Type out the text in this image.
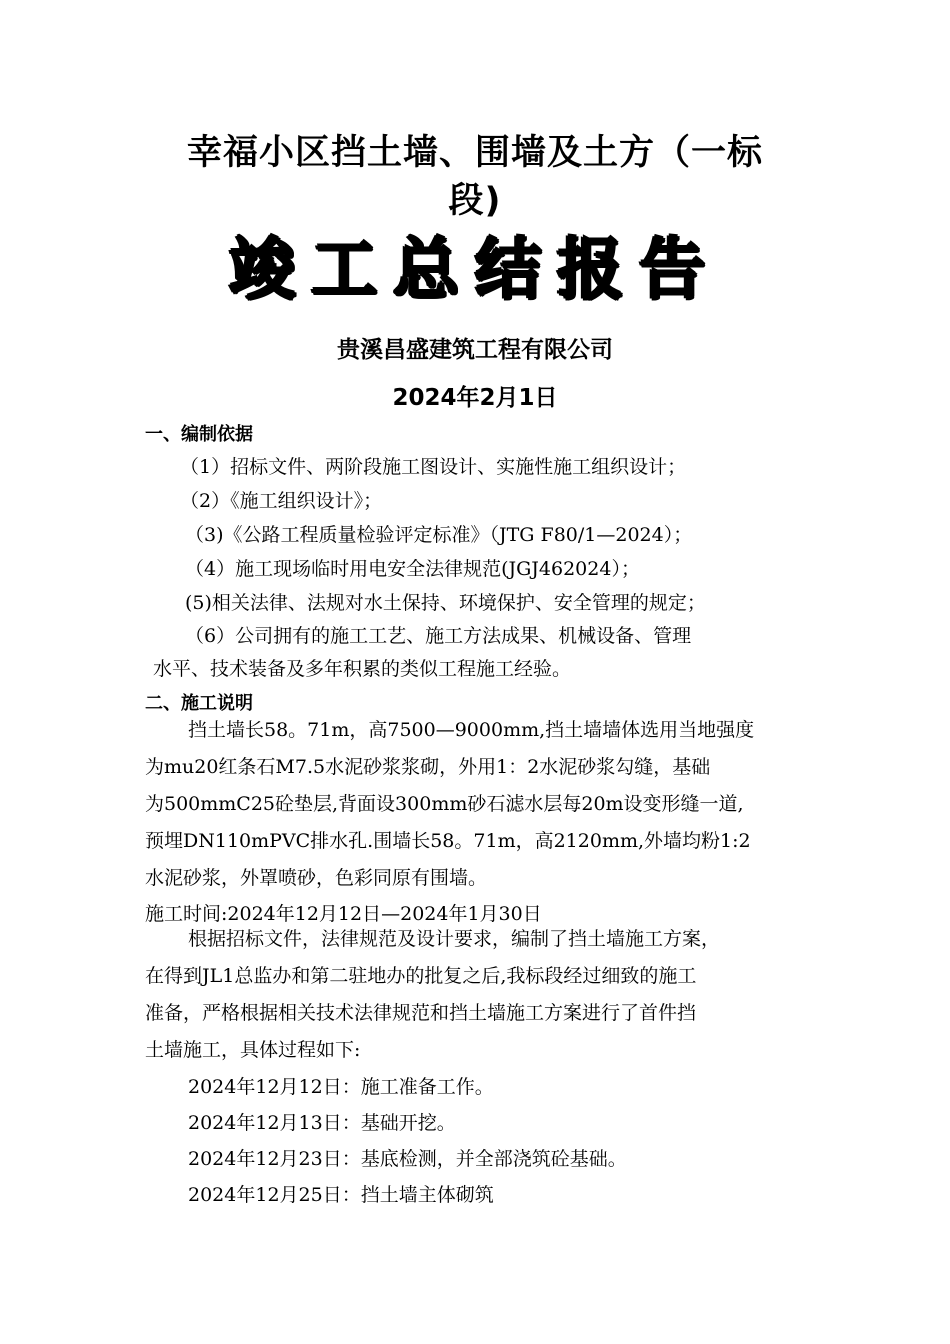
幸福小区挡土墙、围墙及土方（一标
段)
竣工总结报告
贵溪昌盛建筑工程有限公司
2024年2月1日
一、编制依据
（1）招标文件、两阶段施工图设计、实施性施工组织设计；
（2）《施工组织设计》；
（3)《公路工程质量检验评定标准》（JTG F80/1—2024）；
（4）施工现场临时用电安全法律规范(JGJ462024）；
(5)相关法律、法规对水土保持、环境保护、安全管理的规定；
（6）公司拥有的施工工艺、施工方法成果、机械设备、管理
水平、技术装备及多年积累的类似工程施工经验。
二、施工说明
挡土墙长58。71m，高7500—9000mm,挡土墙墙体选用当地强度
为mu20红条石M7.5水泥砂浆浆砌，外用1：2水泥砂浆勾缝，基础
为500mmC25砼垫层,背面设300mm砂石滤水层每20m设变形缝一道,
预埋DN110mPVC排水孔.围墙长58。71m，高2120mm,外墙均粉1:2
水泥砂浆，外罩喷砂，色彩同原有围墙。
施工时间:2024年12月12日—2024年1月30日
根据招标文件，法律规范及设计要求，编制了挡土墙施工方案，
在得到JL1总监办和第二驻地办的批复之后,我标段经过细致的施工
准备，严格根据相关技术法律规范和挡土墙施工方案进行了首件挡
土墙施工，具体过程如下:
2024年12月12日：施工准备工作。
2024年12月13日：基础开挖。
2024年12月23日：基底检测，并全部浇筑砼基础。
2024年12月25日：挡土墙主体砌筑
